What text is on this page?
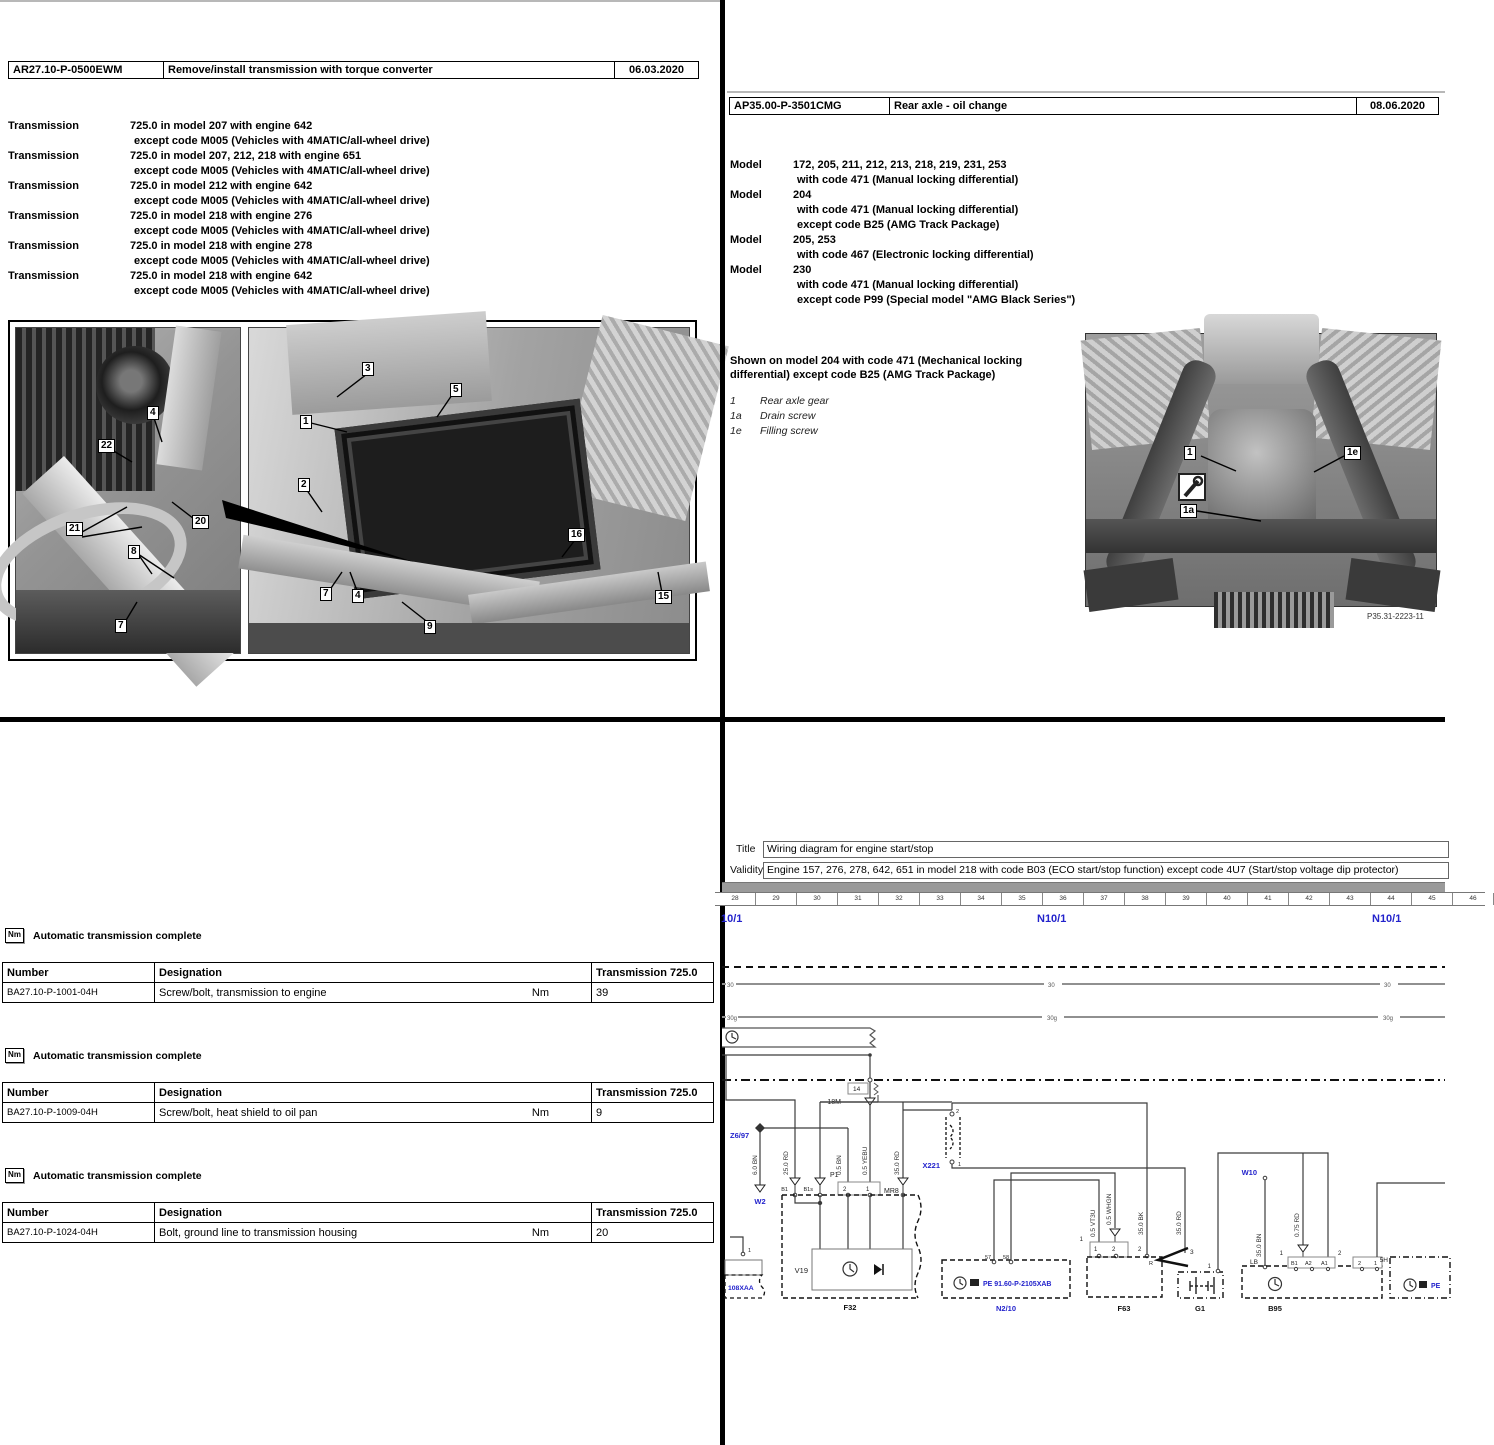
AR27.10-P-0500EWM	Remove/install transmission with torque converter	06.03.2020
Transmission	725.0 in model 207 with engine 642
except code M005 (Vehicles with 4MATIC/all-wheel drive)
Transmission	725.0 in model 207, 212, 218 with engine 651
except code M005 (Vehicles with 4MATIC/all-wheel drive)
Transmission	725.0 in model 212 with engine 642
except code M005 (Vehicles with 4MATIC/all-wheel drive)
Transmission	725.0 in model 218 with engine 276
except code M005 (Vehicles with 4MATIC/all-wheel drive)
Transmission	725.0 in model 218 with engine 278
except code M005 (Vehicles with 4MATIC/all-wheel drive)
Transmission	725.0 in model 218 with engine 642
except code M005 (Vehicles with 4MATIC/all-wheel drive)
4
22
21
20
8
7
3
5
1
2
16
7	4
9
15
AP35.00-P-3501CMG	Rear axle - oil change	08.06.2020
Model	172, 205, 211, 212, 213, 218, 219, 231, 253
with code 471 (Manual locking differential)
Model	204
with code 471 (Manual locking differential)
except code B25 (AMG Track Package)
Model	205, 253
with code 467 (Electronic locking differential)
Model	230
with code 471 (Manual locking differential)
except code P99 (Special model "AMG Black Series")
Shown on model 204 with code 471 (Mechanical locking
differential) except code B25 (AMG Track Package)
1 Rear axle gear
1a Drain screw
1e Filling screw
1	1e
1a
P35.31-2223-11
Nm Automatic transmission complete
Number	Designation	Transmission 725.0
BA27.10-P-1001-04H	Screw/bolt, transmission to engine Nm	39
Nm Automatic transmission complete
Number	Designation	Transmission 725.0
BA27.10-P-1009-04H	Screw/bolt, heat shield to oil pan Nm	9
Nm Automatic transmission complete
Number	Designation	Transmission 725.0
BA27.10-P-1024-04H	Bolt, ground line to transmission housing Nm	20
Title	Wiring diagram for engine start/stop
Validity Engine 157, 276, 278, 642, 651 in model 218 with code B03 (ECO start/stop function) except code 4U7 (Start/stop voltage dip protector)
28	29	30	31	32	33	34	35	36	37	38	39	40	41	42	43	44	45	46
10/1	N10/1	N10/1
30	30	30
30g	30g	30g
14
18M
0.5 YEBU
Z6/97
6.0 BN
W2
25.0 RD
B1	B1s
P1
0.5 BN
2	1 MR8
35.0 RD
V19
F32
1
108XAA
2
1
X221
35.0 RD
35.0 BK
57 58
PE 91.60-P-2105XAB
N2/10
0.5 VT3U 0.5 WHGN
1
1 2	2
F63
3
R	1
G1
W10
35.0 BN
LB
B95
0.75 RD
B1 A2 A1
1	2
2 1 5H
PE
